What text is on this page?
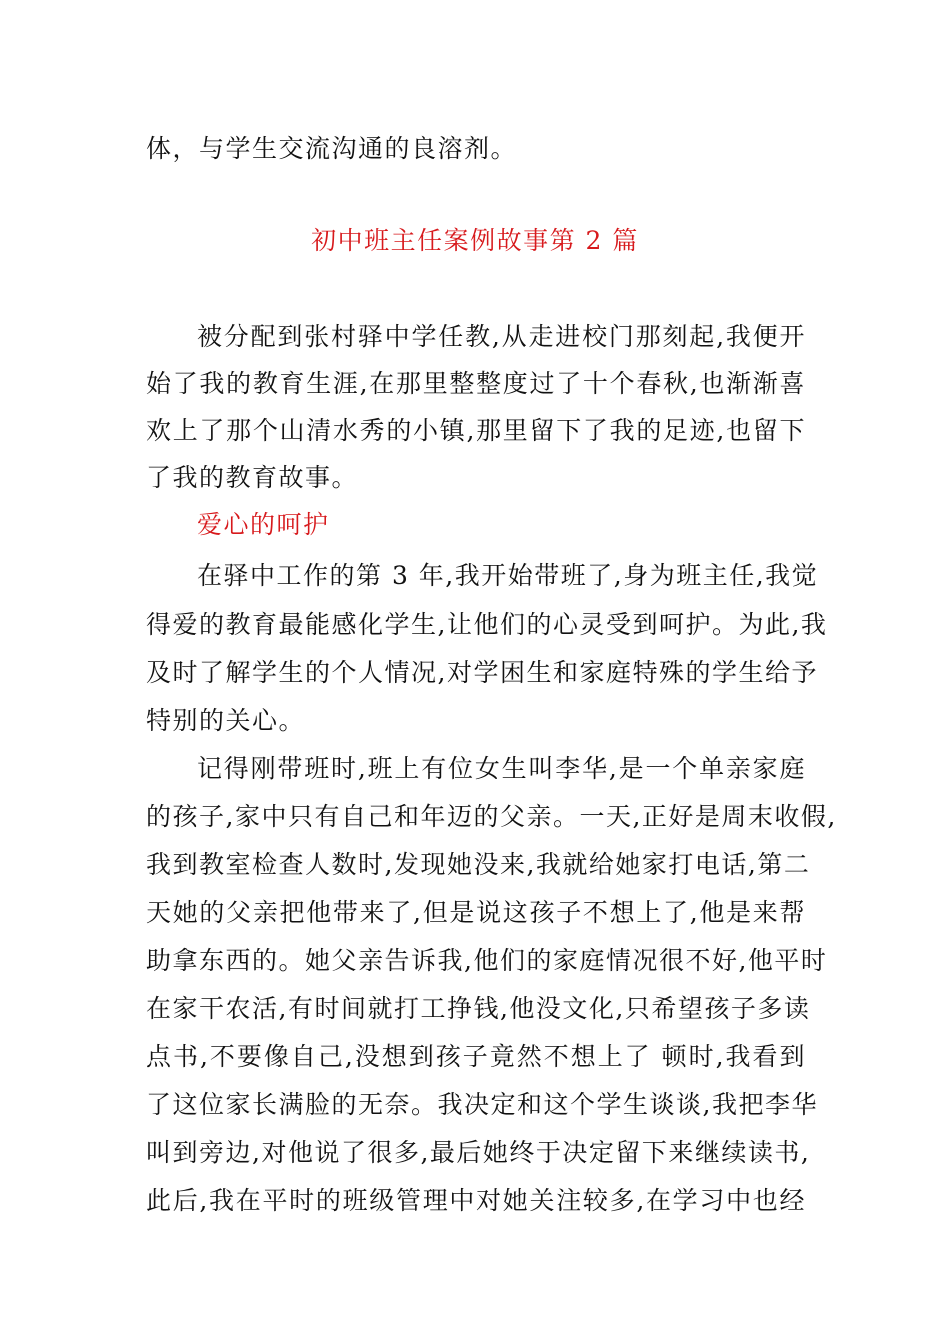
体，与学生交流沟通的良溶剂。
初中班主任案例故事第 2 篇
被分配到张村驿中学任教,从走进校门那刻起,我便开
始了我的教育生涯,在那里整整度过了十个春秋,也渐渐喜
欢上了那个山清水秀的小镇,那里留下了我的足迹,也留下
了我的教育故事。
爱心的呵护
在驿中工作的第 3 年,我开始带班了,身为班主任,我觉
得爱的教育最能感化学生,让他们的心灵受到呵护。为此,我
及时了解学生的个人情况,对学困生和家庭特殊的学生给予
特别的关心。
记得刚带班时,班上有位女生叫李华,是一个单亲家庭
的孩子,家中只有自己和年迈的父亲。一天,正好是周末收假,
我到教室检查人数时,发现她没来,我就给她家打电话,第二
天她的父亲把他带来了,但是说这孩子不想上了,他是来帮
助拿东西的。她父亲告诉我,他们的家庭情况很不好,他平时
在家干农活,有时间就打工挣钱,他没文化,只希望孩子多读
点书,不要像自己,没想到孩子竟然不想上了 顿时,我看到
了这位家长满脸的无奈。我决定和这个学生谈谈,我把李华
叫到旁边,对他说了很多,最后她终于决定留下来继续读书,
此后,我在平时的班级管理中对她关注较多,在学习中也经
